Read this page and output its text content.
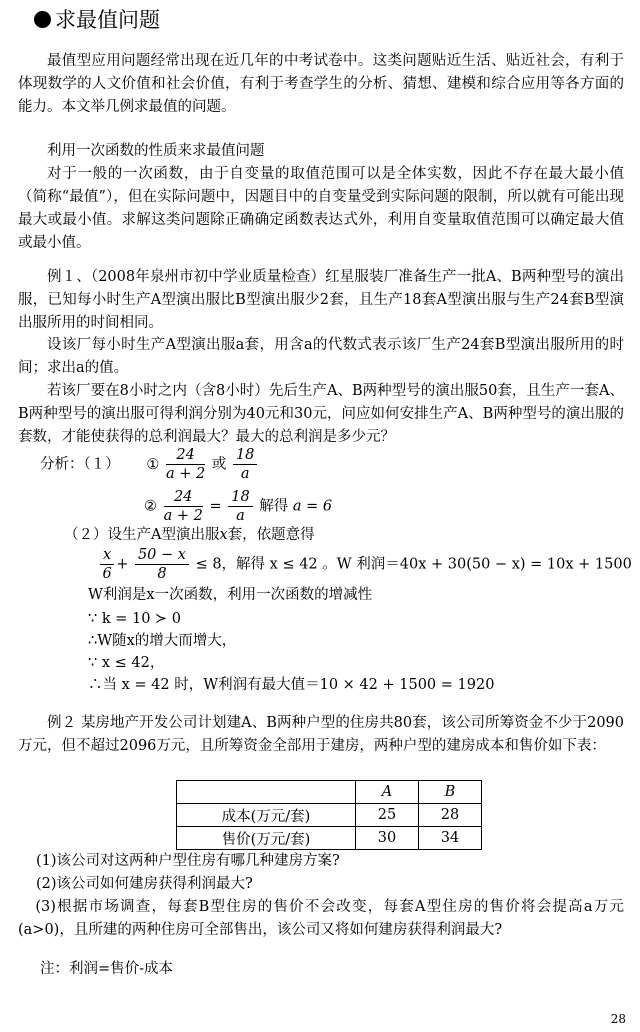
求最值问题
最值型应用问题经常出现在近几年的中考试卷中。这类问题贴近生活、贴近社会，有利于体现数学的人文价值和社会价值，有利于考查学生的分析、猜想、建模和综合应用等各方面的能力。本文举几例求最值的问题。
利用一次函数的性质来求最值问题
对于一般的一次函数，由于自变量的取值范围可以是全体实数，因此不存在最大最小值（简称“最值”），但在实际问题中，因题目中的自变量受到实际问题的限制，所以就有可能出现最大或最小值。求解这类问题除正确确定函数表达式外，利用自变量取值范围可以确定最大值或最小值。
例１、（2008年泉州市初中学业质量检查）红星服装厂准备生产一批A、B两种型号的演出服，已知每小时生产A型演出服比B型演出服少2套，且生产18套A型演出服与生产24套B型演出服所用的时间相同。
设该厂每小时生产A型演出服a套，用含a的代数式表示该厂生产24套B型演出服所用的时间；求出a的值。
若该厂要在8小时之内（含8小时）先后生产A、B两种型号的演出服50套，且生产一套A、B两种型号的演出服可得利润分别为40元和30元，问应如何安排生产A、B两种型号的演出服的套数，才能使获得的总利润最大？最大的总利润是多少元？
分析：（１） ① $\frac{24}{a + 2}$ 或 $\frac{18}{a}$
② $\frac{24}{a + 2} = \frac{18}{a}$ 解得 a = 6
（２）设生产A型演出服x套，依题意得
$\frac{x}{6} + \frac{50 - x}{8} \le 8$，解得 x ≤ 42 。W 利润＝40x + 30(50 − x) = 10x + 1500
W利润是x一次函数，利用一次函数的增减性
∵ k = 10 ≻ 0
∴W随x的增大而增大，
∵ x ≤ 42，
∴当 x = 42 时，W利润有最大值＝10 × 42 + 1500 = 1920
例２ 某房地产开发公司计划建A、B两种户型的住房共80套，该公司所筹资金不少于2090万元，但不超过2096万元，且所筹资金全部用于建房，两种户型的建房成本和售价如下表：
	A	B
成本(万元/套)	25	28
售价(万元/套)	30	34
(1)该公司对这两种户型住房有哪几种建房方案?
(2)该公司如何建房获得利润最大?
(3)根据市场调查，每套B型住房的售价不会改变，每套A型住房的售价将会提高a万元(a>0)，且所建的两种住房可全部售出，该公司又将如何建房获得利润最大?
注：利润=售价-成本
28
